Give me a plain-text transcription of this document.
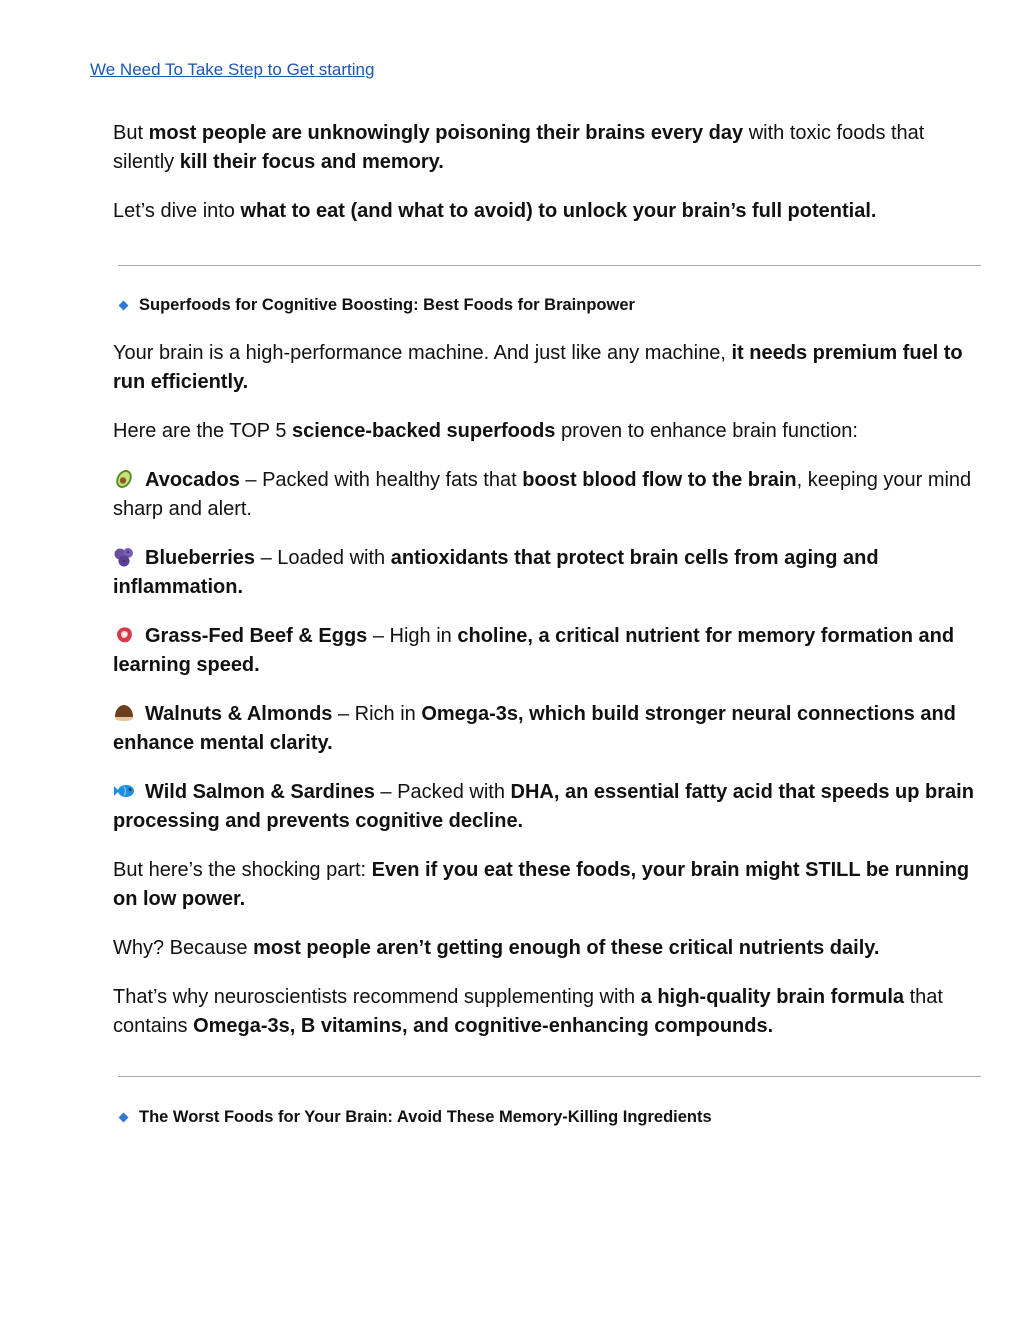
We Need To Take Step to Get starting

But most people are unknowingly poisoning their brains every day with toxic foods that silently kill their focus and memory.

Let’s dive into what to eat (and what to avoid) to unlock your brain’s full potential.

Superfoods for Cognitive Boosting: Best Foods for Brainpower

Your brain is a high-performance machine. And just like any machine, it needs premium fuel to run efficiently.

Here are the TOP 5 science-backed superfoods proven to enhance brain function:

Avocados – Packed with healthy fats that boost blood flow to the brain, keeping your mind sharp and alert.

Blueberries – Loaded with antioxidants that protect brain cells from aging and inflammation.

Grass-Fed Beef & Eggs – High in choline, a critical nutrient for memory formation and learning speed.

Walnuts & Almonds – Rich in Omega-3s, which build stronger neural connections and enhance mental clarity.

Wild Salmon & Sardines – Packed with DHA, an essential fatty acid that speeds up brain processing and prevents cognitive decline.

But here’s the shocking part: Even if you eat these foods, your brain might STILL be running on low power.

Why? Because most people aren’t getting enough of these critical nutrients daily.

That’s why neuroscientists recommend supplementing with a high-quality brain formula that contains Omega-3s, B vitamins, and cognitive-enhancing compounds.

The Worst Foods for Your Brain: Avoid These Memory-Killing Ingredients
